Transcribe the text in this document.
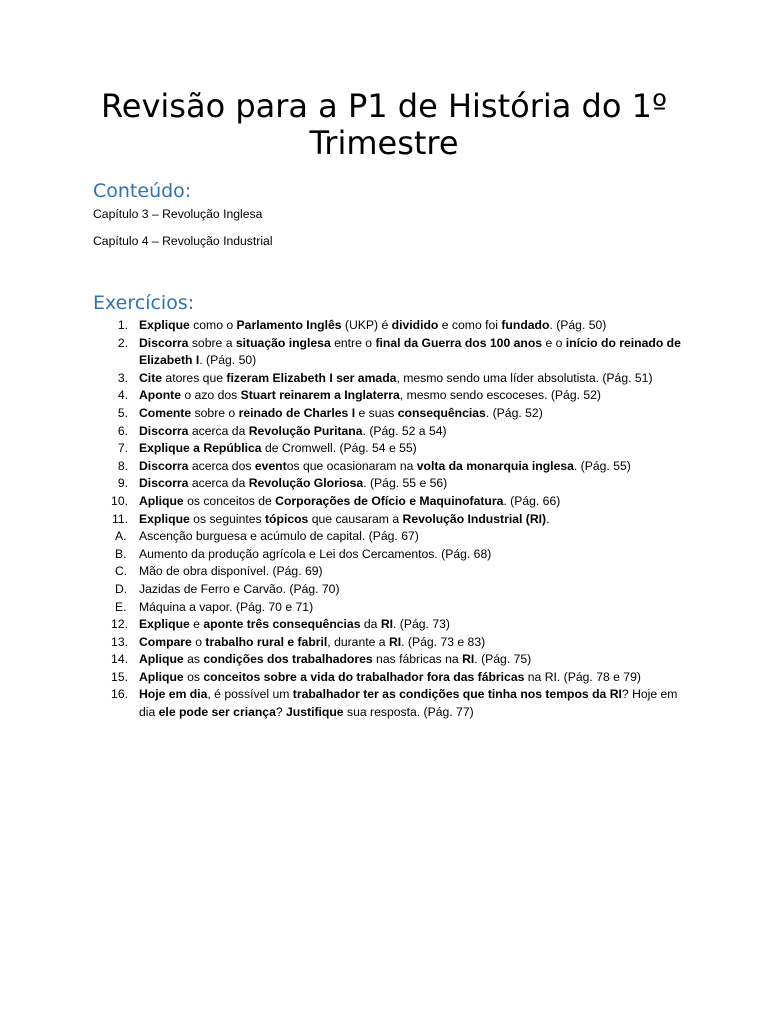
Revisão para a P1 de História do 1º Trimestre
Conteúdo:

Capítulo 3 – Revolução Inglesa

Capítulo 4 – Revolução Industrial

Exercícios:
1. Explique como o Parlamento Inglês (UKP) é dividido e como foi fundado. (Pág. 50)
2. Discorra sobre a situação inglesa entre o final da Guerra dos 100 anos e o início do reinado de Elizabeth I. (Pág. 50)
3. Cite atores que fizeram Elizabeth I ser amada, mesmo sendo uma líder absolutista. (Pág. 51)
4. Aponte o azo dos Stuart reinarem a Inglaterra, mesmo sendo escoceses. (Pág. 52)
5. Comente sobre o reinado de Charles I e suas consequências. (Pág. 52)
6. Discorra acerca da Revolução Puritana. (Pág. 52 a 54)
7. Explique a República de Cromwell. (Pág. 54 e 55)
8. Discorra acerca dos eventos que ocasionaram na volta da monarquia inglesa. (Pág. 55)
9. Discorra acerca da Revolução Gloriosa. (Pág. 55 e 56)
10. Aplique os conceitos de Corporações de Ofício e Maquinofatura. (Pág. 66)
11. Explique os seguintes tópicos que causaram a Revolução Industrial (RI).
A. Ascenção burguesa e acúmulo de capital. (Pág. 67)
B. Aumento da produção agrícola e Lei dos Cercamentos. (Pág. 68)
C. Mão de obra disponível. (Pág. 69)
D. Jazidas de Ferro e Carvão. (Pág. 70)
E. Máquina a vapor. (Pág. 70 e 71)
12. Explique e aponte três consequências da RI. (Pág. 73)
13. Compare o trabalho rural e fabril, durante a RI. (Pág. 73 e 83)
14. Aplique as condições dos trabalhadores nas fábricas na RI. (Pág. 75)
15. Aplique os conceitos sobre a vida do trabalhador fora das fábricas na RI. (Pág. 78 e 79)
16. Hoje em dia, é possível um trabalhador ter as condições que tinha nos tempos da RI? Hoje em dia ele pode ser criança? Justifique sua resposta. (Pág. 77)
